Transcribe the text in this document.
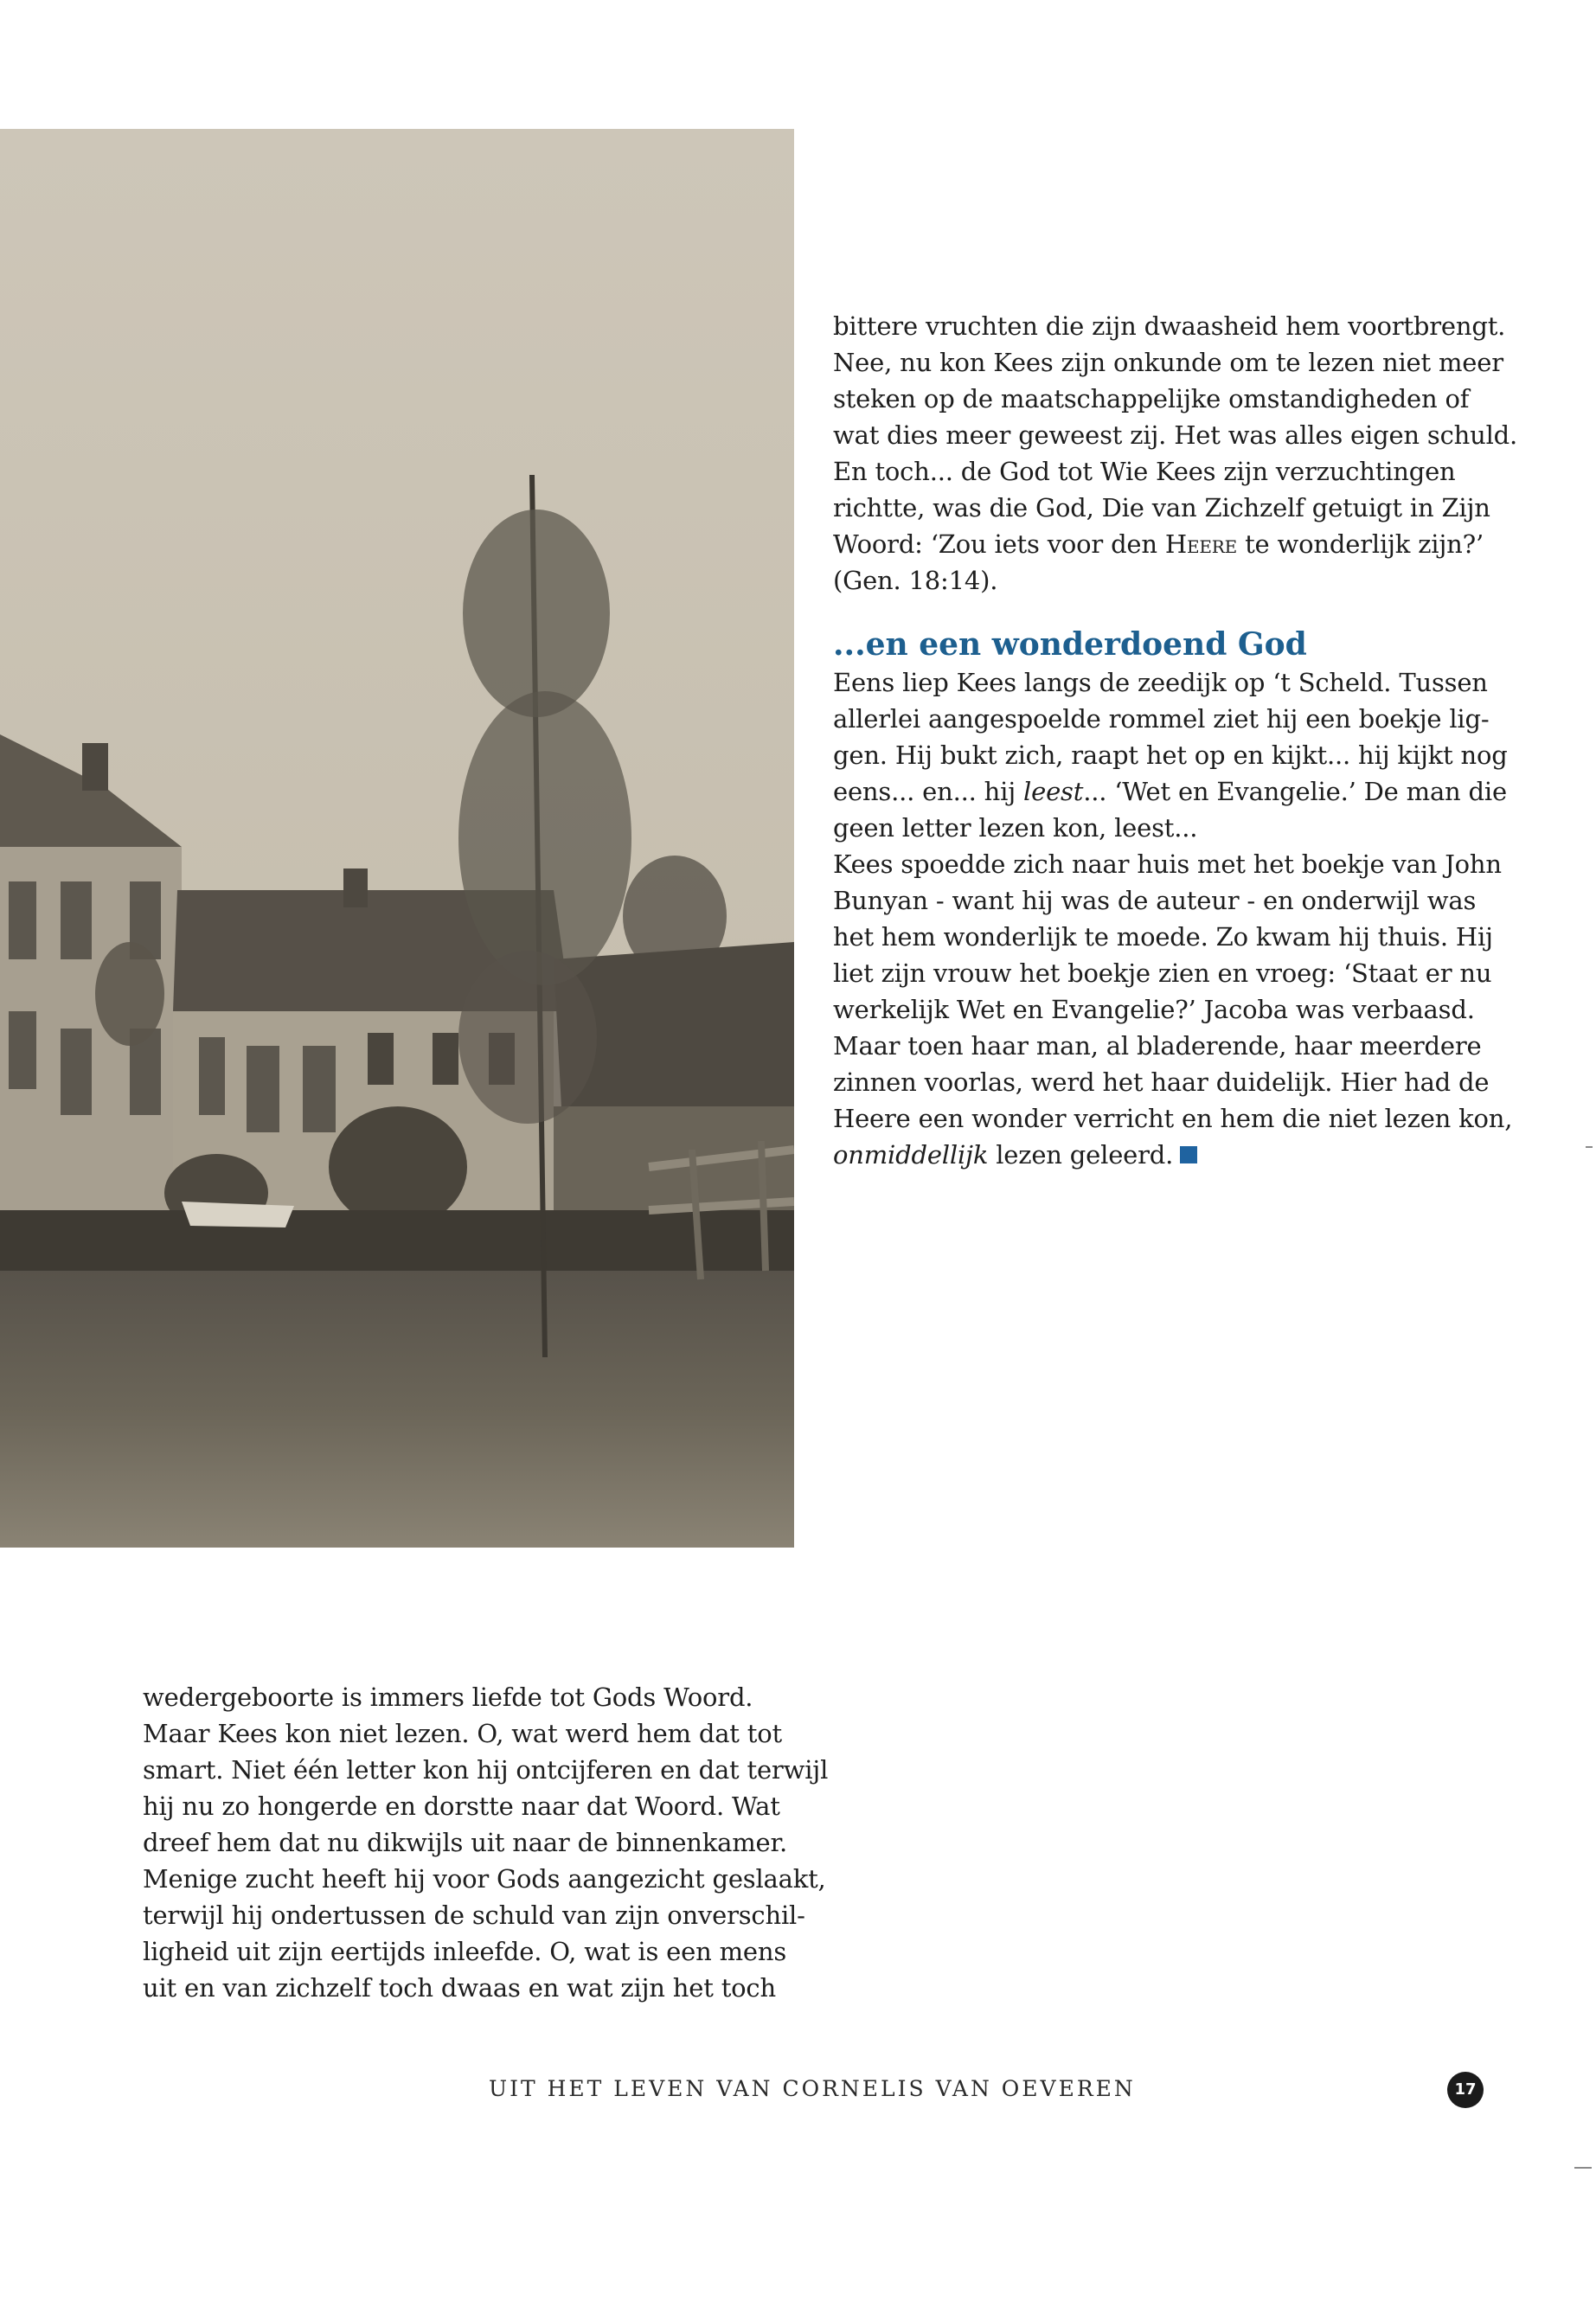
bittere vruchten die zijn dwaasheid hem voortbrengt.
Nee, nu kon Kees zijn onkunde om te lezen niet meer
steken op de maatschappelijke omstandigheden of
wat dies meer geweest zij. Het was alles eigen schuld.
En toch... de God tot Wie Kees zijn verzuchtingen
richtte, was die God, Die van Zichzelf getuigt in Zijn
Woord: ‘Zou iets voor den Heere te wonderlijk zijn?’
(Gen. 18:14).

...en een wonderdoend God

Eens liep Kees langs de zeedijk op ‘t Scheld. Tussen
allerlei aangespoelde rommel ziet hij een boekje lig-
gen. Hij bukt zich, raapt het op en kijkt... hij kijkt nog
eens... en... hij leest... ‘Wet en Evangelie.’ De man die
geen letter lezen kon, leest...
Kees spoedde zich naar huis met het boekje van John
Bunyan - want hij was de auteur - en onderwijl was
het hem wonderlijk te moede. Zo kwam hij thuis. Hij
liet zijn vrouw het boekje zien en vroeg: ‘Staat er nu
werkelijk Wet en Evangelie?’ Jacoba was verbaasd.
Maar toen haar man, al bladerende, haar meerdere
zinnen voorlas, werd het haar duidelijk. Hier had de
Heere een wonder verricht en hem die niet lezen kon,
onmiddellijk lezen geleerd.

wedergeboorte is immers liefde tot Gods Woord.
Maar Kees kon niet lezen. O, wat werd hem dat tot
smart. Niet één letter kon hij ontcijferen en dat terwijl
hij nu zo hongerde en dorstte naar dat Woord. Wat
dreef hem dat nu dikwijls uit naar de binnenkamer.
Menige zucht heeft hij voor Gods aangezicht geslaakt,
terwijl hij ondertussen de schuld van zijn onverschil-
ligheid uit zijn eertijds inleefde. O, wat is een mens
uit en van zichzelf toch dwaas en wat zijn het toch

UIT HET LEVEN VAN CORNELIS VAN OEVEREN	17
